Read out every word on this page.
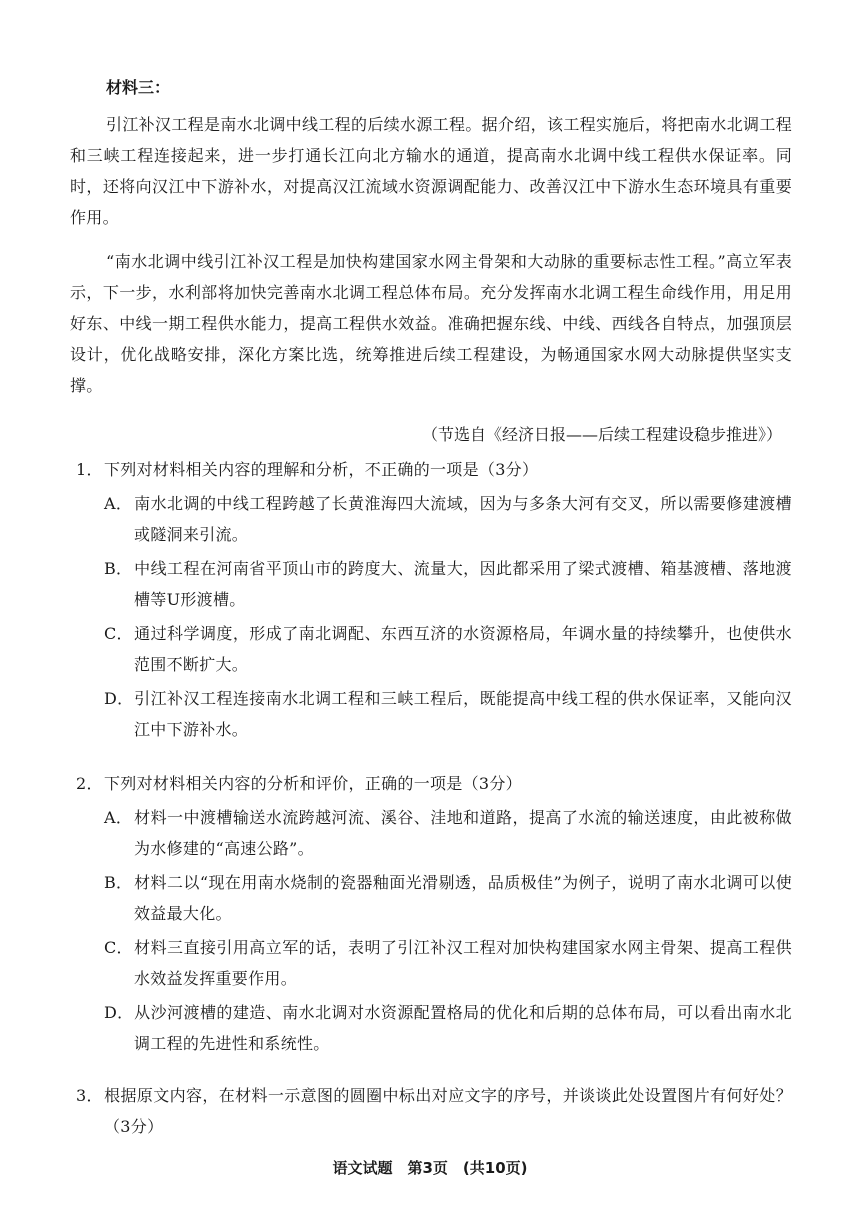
材料三：

引江补汉工程是南水北调中线工程的后续水源工程。据介绍，该工程实施后，将把南水北调工程和三峡工程连接起来，进一步打通长江向北方输水的通道，提高南水北调中线工程供水保证率。同时，还将向汉江中下游补水，对提高汉江流域水资源调配能力、改善汉江中下游水生态环境具有重要作用。

“南水北调中线引江补汉工程是加快构建国家水网主骨架和大动脉的重要标志性工程。”高立军表示，下一步，水利部将加快完善南水北调工程总体布局。充分发挥南水北调工程生命线作用，用足用好东、中线一期工程供水能力，提高工程供水效益。准确把握东线、中线、西线各自特点，加强顶层设计，优化战略安排，深化方案比选，统筹推进后续工程建设，为畅通国家水网大动脉提供坚实支撑。

（节选自《经济日报——后续工程建设稳步推进》）
1．下列对材料相关内容的理解和分析，不正确的一项是（3分）
A． 南水北调的中线工程跨越了长黄淮海四大流域，因为与多条大河有交叉，所以需要修建渡槽或隧洞来引流。
B． 中线工程在河南省平顶山市的跨度大、流量大，因此都采用了梁式渡槽、箱基渡槽、落地渡槽等U形渡槽。
C．通过科学调度，形成了南北调配、东西互济的水资源格局，年调水量的持续攀升，也使供水范围不断扩大。
D．引江补汉工程连接南水北调工程和三峡工程后，既能提高中线工程的供水保证率，又能向汉江中下游补水。
2．下列对材料相关内容的分析和评价，正确的一项是（3分）
A． 材料一中渡槽输送水流跨越河流、溪谷、洼地和道路，提高了水流的输送速度，由此被称做为水修建的“高速公路”。
B． 材料二以“现在用南水烧制的瓷器釉面光滑剔透，品质极佳”为例子，说明了南水北调可以使效益最大化。
C．材料三直接引用高立军的话，表明了引江补汉工程对加快构建国家水网主骨架、提高工程供水效益发挥重要作用。
D．从沙河渡槽的建造、南水北调对水资源配置格局的优化和后期的总体布局，可以看出南水北调工程的先进性和系统性。
3．根据原文内容，在材料一示意图的圆圈中标出对应文字的序号，并谈谈此处设置图片有何好处？（3分）
语文试题　第3页　(共10页)
